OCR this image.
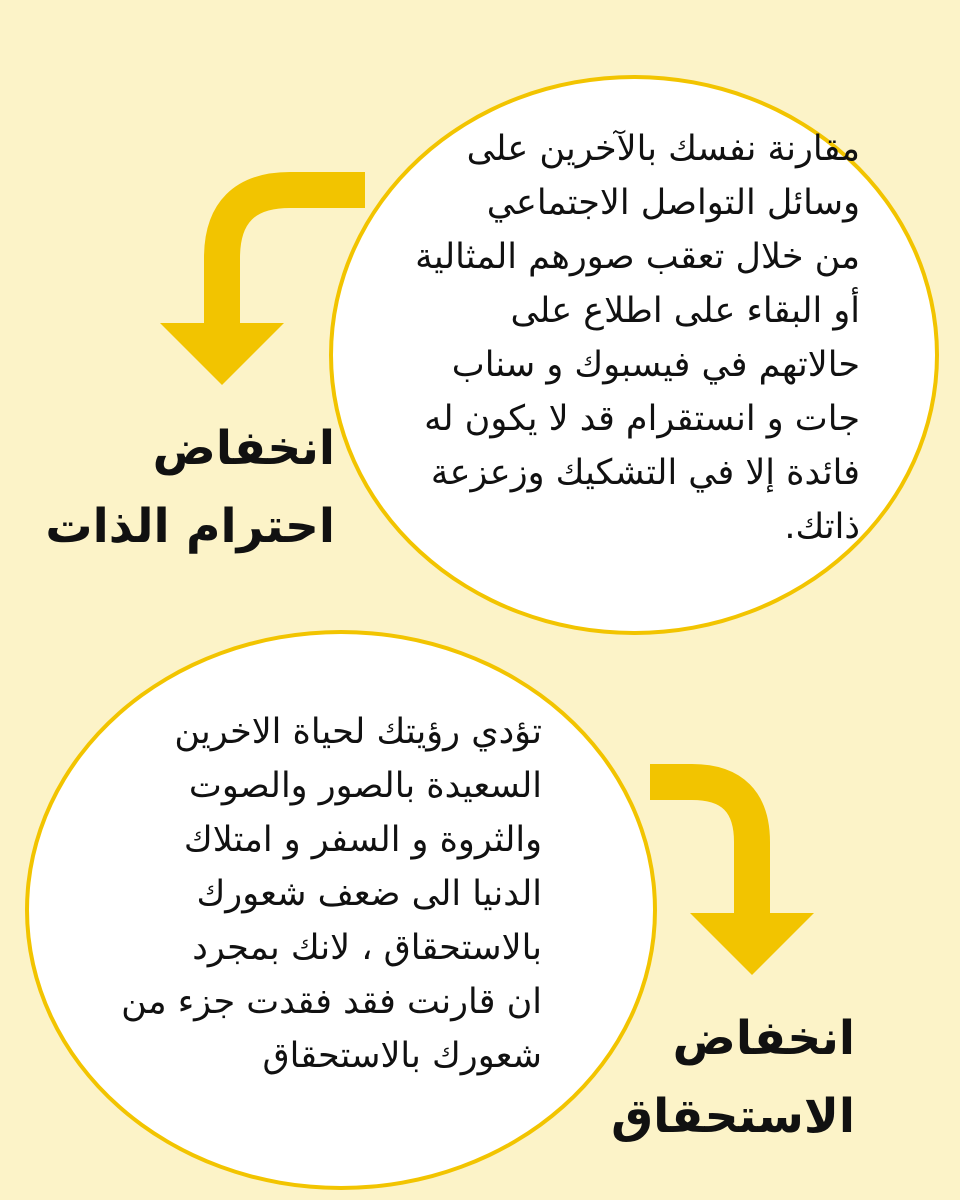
مقارنة نفسك بالآخرين على
وسائل التواصل الاجتماعي
من خلال تعقب صورهم المثالية
أو البقاء على اطلاع على
حالاتهم في فيسبوك و سناب
جات و انستقرام قد لا يكون له
فائدة إلا في التشكيك وزعزعة
ذاتك.
انخفاض
احترام الذات
تؤدي رؤيتك لحياة الاخرين
السعيدة بالصور والصوت
والثروة و السفر و امتلاك
الدنيا الى ضعف شعورك
بالاستحقاق ، لانك بمجرد
ان قارنت فقد فقدت جزء من
شعورك بالاستحقاق	انخفاض
الاستحقاق
